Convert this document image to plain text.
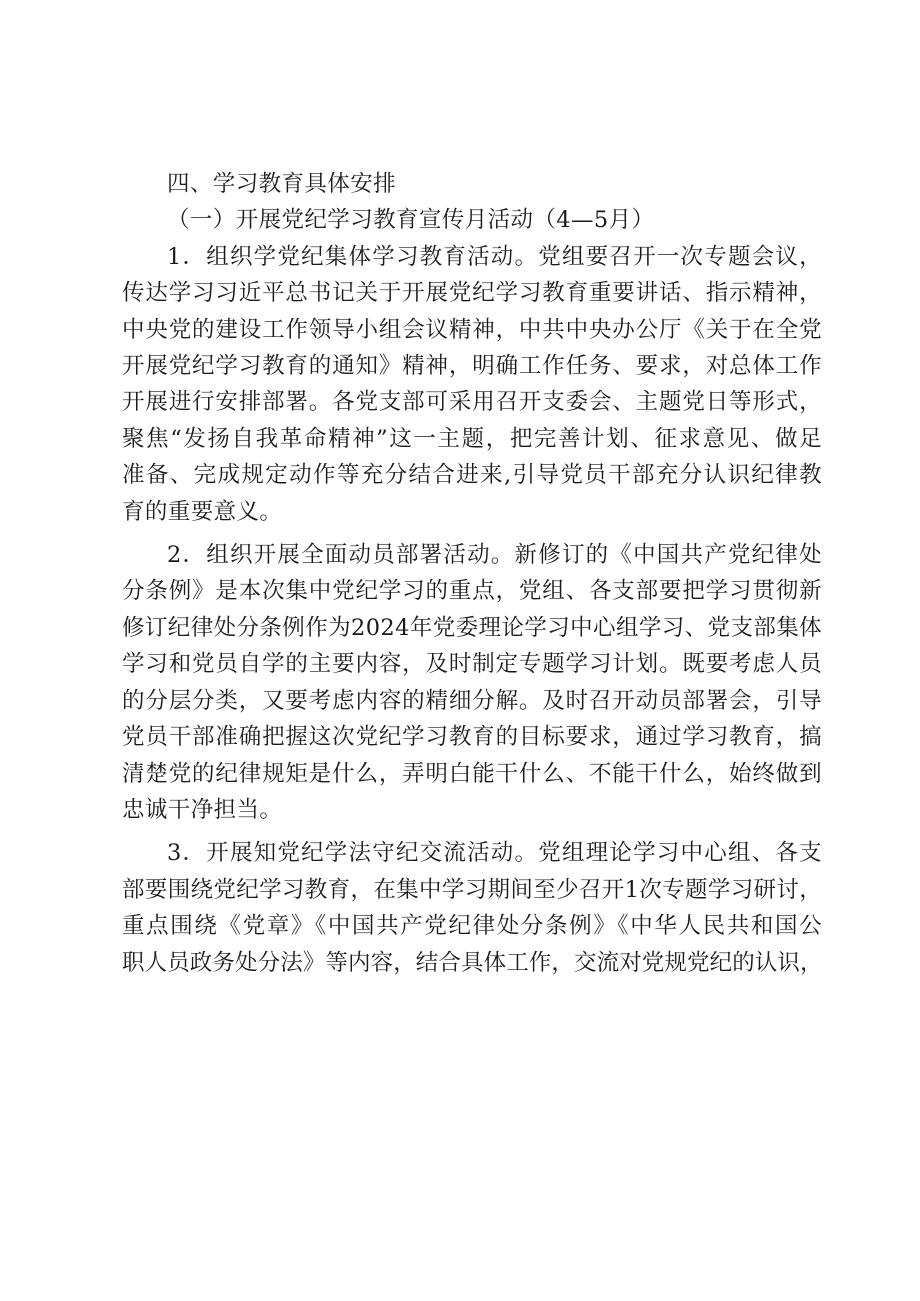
四、学习教育具体安排

（一）开展党纪学习教育宣传月活动（4—5月）

1．组织学党纪集体学习教育活动。党组要召开一次专题会议，
传达学习习近平总书记关于开展党纪学习教育重要讲话、指示精神，
中央党的建设工作领导小组会议精神，中共中央办公厅《关于在全党
开展党纪学习教育的通知》精神，明确工作任务、要求，对总体工作
开展进行安排部署。各党支部可采用召开支委会、主题党日等形式，
聚焦“发扬自我革命精神”这一主题，把完善计划、征求意见、做足
准备、完成规定动作等充分结合进来,引导党员干部充分认识纪律教
育的重要意义。
2．组织开展全面动员部署活动。新修订的《中国共产党纪律处
分条例》是本次集中党纪学习的重点，党组、各支部要把学习贯彻新
修订纪律处分条例作为2024年党委理论学习中心组学习、党支部集体
学习和党员自学的主要内容，及时制定专题学习计划。既要考虑人员
的分层分类，又要考虑内容的精细分解。及时召开动员部署会，引导
党员干部准确把握这次党纪学习教育的目标要求，通过学习教育，搞
清楚党的纪律规矩是什么，弄明白能干什么、不能干什么，始终做到
忠诚干净担当。
3．开展知党纪学法守纪交流活动。党组理论学习中心组、各支
部要围绕党纪学习教育，在集中学习期间至少召开1次专题学习研讨，
重点围绕《党章》《中国共产党纪律处分条例》《中华人民共和国公
职人员政务处分法》等内容，结合具体工作，交流对党规党纪的认识，
